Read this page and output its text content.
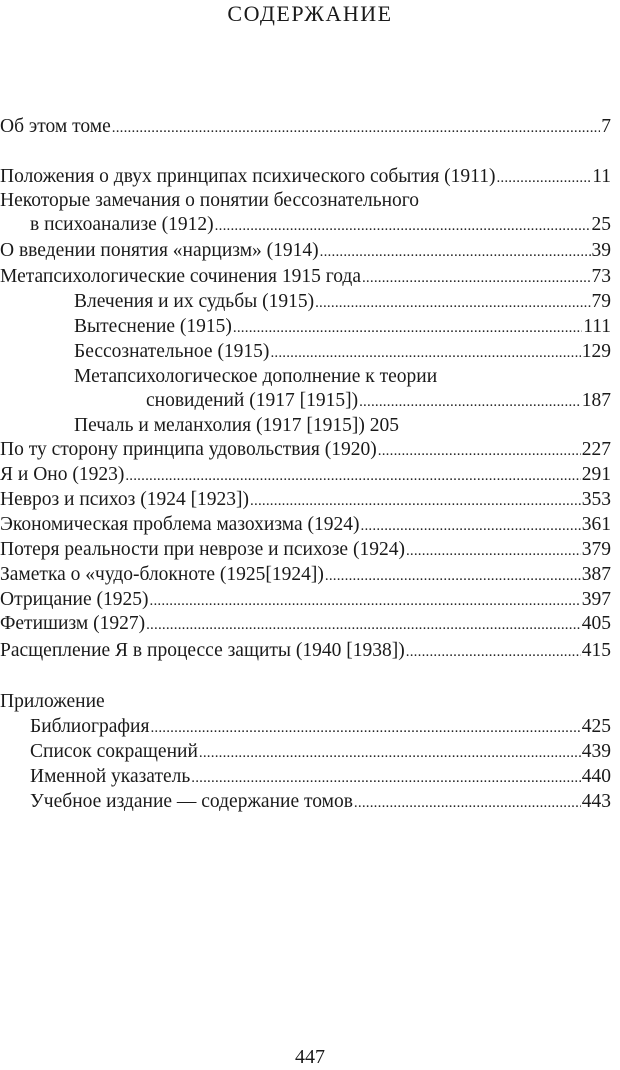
СОДЕРЖАНИЕ
Об этом томе .....	7
Положения о двух принципах психического события (1911) .....	11
Некоторые замечания о понятии бессознательного
в психоанализе (1912) .....	25
О введении понятия «нарцизм» (1914) .....	39
Метапсихологические сочинения 1915 года .....	73
Влечения и их судьбы (1915) .....	79
Вытеснение (1915) .....	111
Бессознательное (1915) .....	129
Метапсихологическое дополнение к теории
сновидений (1917 [1915]) .....	187
Печаль и меланхолия (1917 [1915]) 205
По ту сторону принципа удовольствия (1920) .....	227
Я и Оно (1923) .....	291
Невроз и психоз (1924 [1923]) .....	353
Экономическая проблема мазохизма (1924) .....	361
Потеря реальности при неврозе и психозе (1924) .....	379
Заметка о «чудо-блокноте (1925[1924]) .....	387
Отрицание (1925) .....	397
Фетишизм (1927) .....	405
Расщепление Я в процессе защиты (1940 [1938]) .....	415
Приложение
Библиография .....	425
Список сокращений .....	439
Именной указатель .....	440
Учебное издание — содержание томов .....	443
447
